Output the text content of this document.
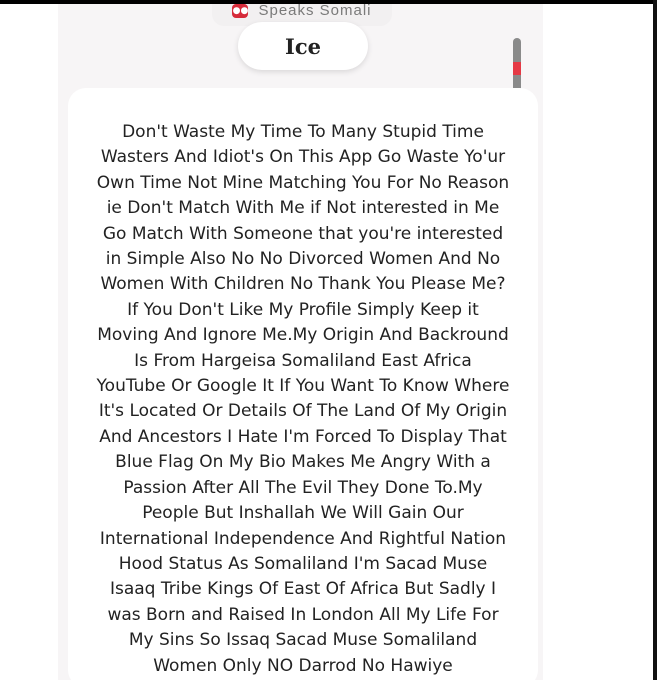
●● Speaks Somali
Ice
Don't Waste My Time To Many Stupid Time
Wasters And Idiot's On This App Go Waste Yo'ur
Own Time Not Mine Matching You For No Reason
ie Don't Match With Me if Not interested in Me
Go Match With Someone that you're interested
in Simple Also No No Divorced Women And No
Women With Children No Thank You Please Me?
If You Don't Like My Profile Simply Keep it
Moving And Ignore Me.My Origin And Backround
Is From Hargeisa Somaliland East Africa
YouTube Or Google It If You Want To Know Where
It's Located Or Details Of The Land Of My Origin
And Ancestors I Hate I'm Forced To Display That
Blue Flag On My Bio Makes Me Angry With a
Passion After All The Evil They Done To.My
People But Inshallah We Will Gain Our
International Independence And Rightful Nation
Hood Status As Somaliland I'm Sacad Muse
Isaaq Tribe Kings Of East Of Africa But Sadly I
was Born and Raised In London All My Life For
My Sins So Issaq Sacad Muse Somaliland
Women Only NO Darrod No Hawiye
